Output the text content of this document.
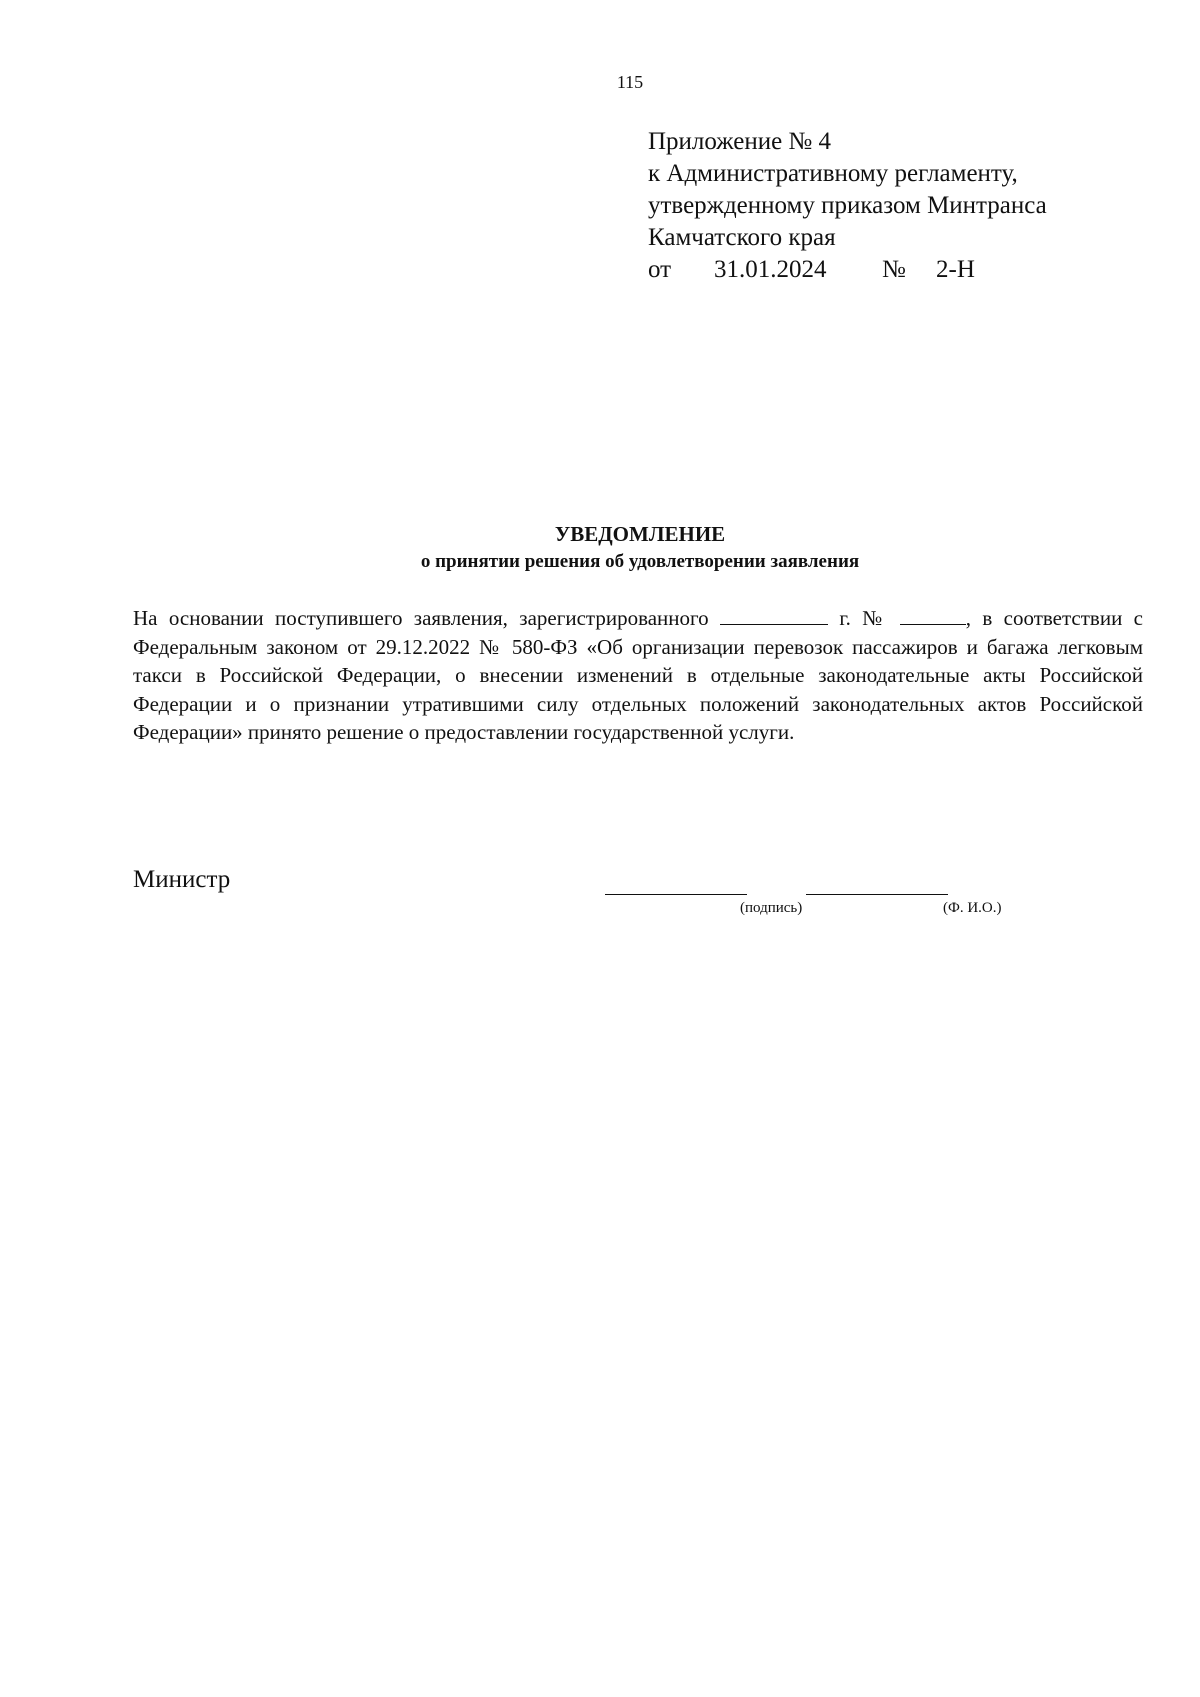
115
Приложение № 4
к Административному регламенту,
утвержденному приказом Минтранса
Камчатского края
от 31.01.2024 № 2-Н
УВЕДОМЛЕНИЕ
о принятии решения об удовлетворении заявления
На основании поступившего заявления, зарегистрированного	г. №	, в соответствии с Федеральным законом от 29.12.2022 № 580-ФЗ «Об организации перевозок пассажиров и багажа легковым такси в Российской Федерации, о внесении изменений в отдельные законодательные акты Российской Федерации и о признании утратившими силу отдельных положений законодательных актов Российской Федерации» принято решение о предоставлении государственной услуги.
Министр
(подпись)	(Ф. И.О.)
